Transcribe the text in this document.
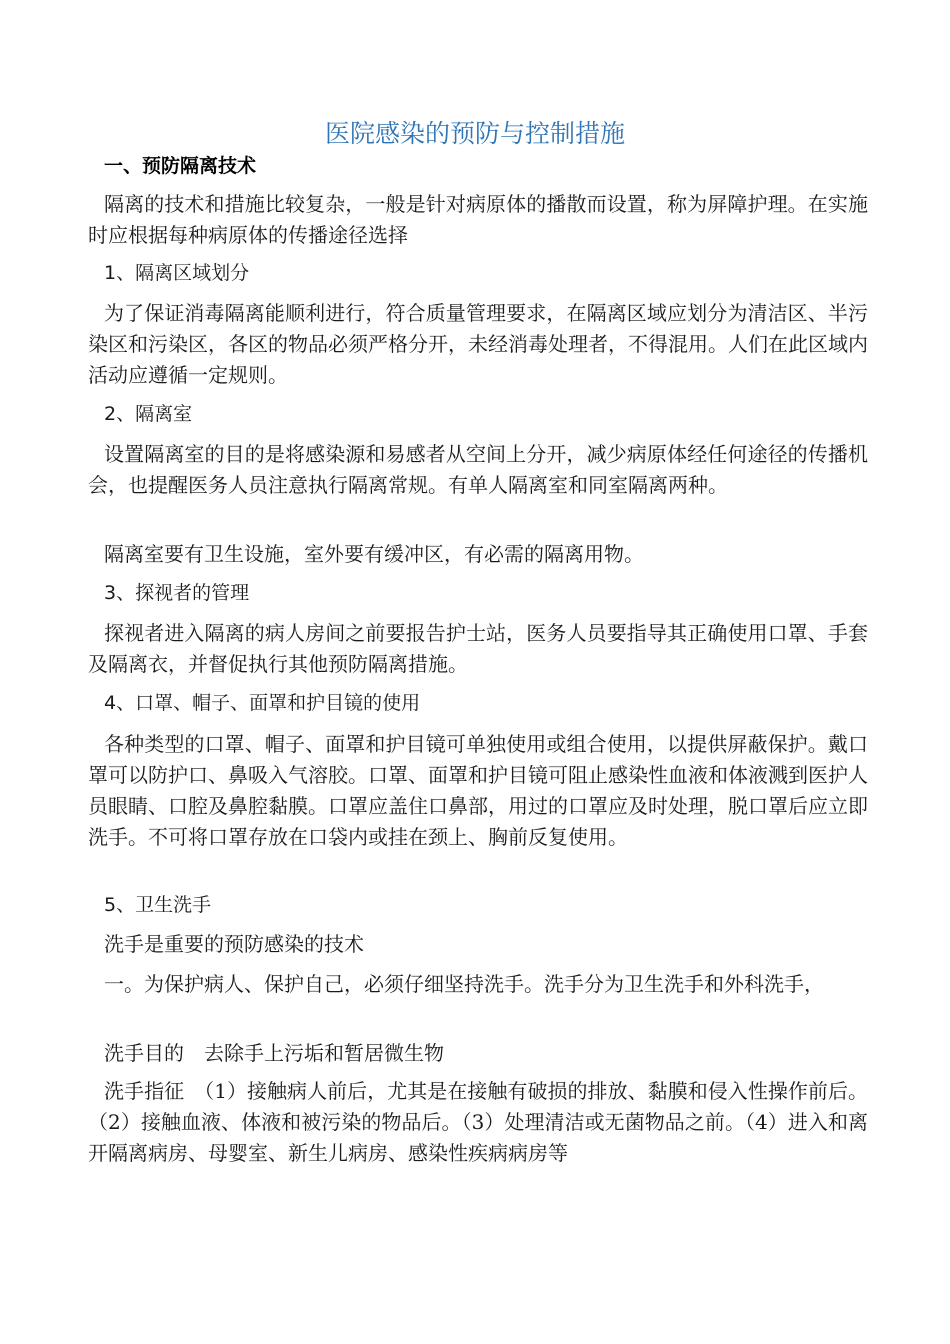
医院感染的预防与控制措施
一、预防隔离技术

隔离的技术和措施比较复杂，一般是针对病原体的播散而设置，称为屏障护理。在实施时应根据每种病原体的传播途径选择

1、隔离区域划分

为了保证消毒隔离能顺利进行，符合质量管理要求，在隔离区域应划分为清洁区、半污染区和污染区，各区的物品必须严格分开，未经消毒处理者，不得混用。人们在此区域内活动应遵循一定规则。

2、隔离室

设置隔离室的目的是将感染源和易感者从空间上分开，减少病原体经任何途径的传播机会，也提醒医务人员注意执行隔离常规。有单人隔离室和同室隔离两种。

隔离室要有卫生设施，室外要有缓冲区，有必需的隔离用物。

3、探视者的管理

探视者进入隔离的病人房间之前要报告护士站，医务人员要指导其正确使用口罩、手套及隔离衣，并督促执行其他预防隔离措施。

4、口罩、帽子、面罩和护目镜的使用

各种类型的口罩、帽子、面罩和护目镜可单独使用或组合使用，以提供屏蔽保护。戴口罩可以防护口、鼻吸入气溶胶。口罩、面罩和护目镜可阻止感染性血液和体液溅到医护人员眼睛、口腔及鼻腔黏膜。口罩应盖住口鼻部，用过的口罩应及时处理，脱口罩后应立即洗手。不可将口罩存放在口袋内或挂在颈上、胸前反复使用。

5、卫生洗手

洗手是重要的预防感染的技术

一。为保护病人、保护自己，必须仔细坚持洗手。洗手分为卫生洗手和外科洗手，

洗手目的　去除手上污垢和暂居微生物

洗手指征　（1）接触病人前后，尤其是在接触有破损的排放、黏膜和侵入性操作前后。（2）接触血液、体液和被污染的物品后。（3）处理清洁或无菌物品之前。（4）进入和离开隔离病房、母婴室、新生儿病房、感染性疾病病房等
